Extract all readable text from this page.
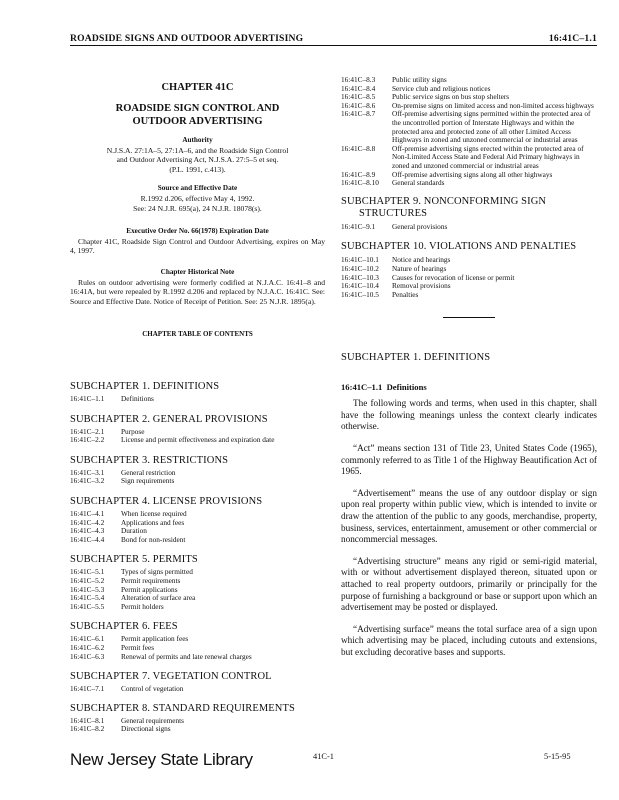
ROADSIDE SIGNS AND OUTDOOR ADVERTISING	16:41C–1.1
CHAPTER 41C
ROADSIDE SIGN CONTROL AND
OUTDOOR ADVERTISING
Authority
N.J.S.A. 27:1A–5, 27:1A–6, and the Roadside Sign Control
and Outdoor Advertising Act, N.J.S.A. 27:5–5 et seq.
(P.L. 1991, c.413).
Source and Effective Date
R.1992 d.206, effective May 4, 1992.
See: 24 N.J.R. 695(a), 24 N.J.R. 18078(s).
Executive Order No. 66(1978) Expiration Date
Chapter 41C, Roadside Sign Control and Outdoor Advertising, expires on May 4, 1997.
Chapter Historical Note
Rules on outdoor advertising were formerly codified at N.J.A.C. 16:41–8 and 16:41A, but were repealed by R.1992 d.206 and replaced by N.J.A.C. 16:41C. See: Source and Effective Date. Notice of Receipt of Petition. See: 25 N.J.R. 1895(a).
CHAPTER TABLE OF CONTENTS
SUBCHAPTER 1. DEFINITIONS
16:41C–1.1	Definitions
SUBCHAPTER 2. GENERAL PROVISIONS
16:41C–2.1	Purpose
16:41C–2.2	License and permit effectiveness and expiration date
SUBCHAPTER 3. RESTRICTIONS
16:41C–3.1	General restriction
16:41C–3.2	Sign requirements
SUBCHAPTER 4. LICENSE PROVISIONS
16:41C–4.1	When license required
16:41C–4.2	Applications and fees
16:41C–4.3	Duration
16:41C–4.4	Bond for non-resident
SUBCHAPTER 5. PERMITS
16:41C–5.1	Types of signs permitted
16:41C–5.2	Permit requirements
16:41C–5.3	Permit applications
16:41C–5.4	Alteration of surface area
16:41C–5.5	Permit holders
SUBCHAPTER 6. FEES
16:41C–6.1	Permit application fees
16:41C–6.2	Permit fees
16:41C–6.3	Renewal of permits and late renewal charges
SUBCHAPTER 7. VEGETATION CONTROL
16:41C–7.1	Control of vegetation
SUBCHAPTER 8. STANDARD REQUIREMENTS
16:41C–8.1	General requirements
16:41C–8.2	Directional signs
16:41C–8.3	Public utility signs
16:41C–8.4	Service club and religious notices
16:41C–8.5	Public service signs on bus stop shelters
16:41C–8.6	On-premise signs on limited access and non-limited access highways
16:41C–8.7	Off-premise advertising signs permitted within the protected area of the uncontrolled portion of Interstate Highways and within the protected area and protected zone of all other Limited Access Highways in zoned and unzoned commercial or industrial areas
16:41C–8.8	Off-premise advertising signs erected within the protected area of Non-Limited Access State and Federal Aid Primary highways in zoned and unzoned commercial or industrial areas
16:41C–8.9	Off-premise advertising signs along all other highways
16:41C–8.10	General standards
SUBCHAPTER 9. NONCONFORMING SIGN
STRUCTURES
16:41C–9.1	General provisions
SUBCHAPTER 10. VIOLATIONS AND PENALTIES
16:41C–10.1	Notice and hearings
16:41C–10.2	Nature of hearings
16:41C–10.3	Causes for revocation of license or permit
16:41C–10.4	Removal provisions
16:41C–10.5	Penalties
SUBCHAPTER 1. DEFINITIONS
16:41C–1.1 Definitions
The following words and terms, when used in this chapter, shall have the following meanings unless the context clearly indicates otherwise.
“Act” means section 131 of Title 23, United States Code (1965), commonly referred to as Title 1 of the Highway Beautification Act of 1965.
“Advertisement” means the use of any outdoor display or sign upon real property within public view, which is intended to invite or draw the attention of the public to any goods, merchandise, property, business, services, entertainment, amusement or other commercial or noncommercial messages.
“Advertising structure” means any rigid or semi-rigid material, with or without advertisement displayed thereon, situated upon or attached to real property outdoors, primarily or principally for the purpose of furnishing a background or base or support upon which an advertisement may be posted or displayed.
“Advertising surface” means the total surface area of a sign upon which advertising may be placed, including cutouts and extensions, but excluding decorative bases and supports.
New Jersey State Library	41C-1	5-15-95
